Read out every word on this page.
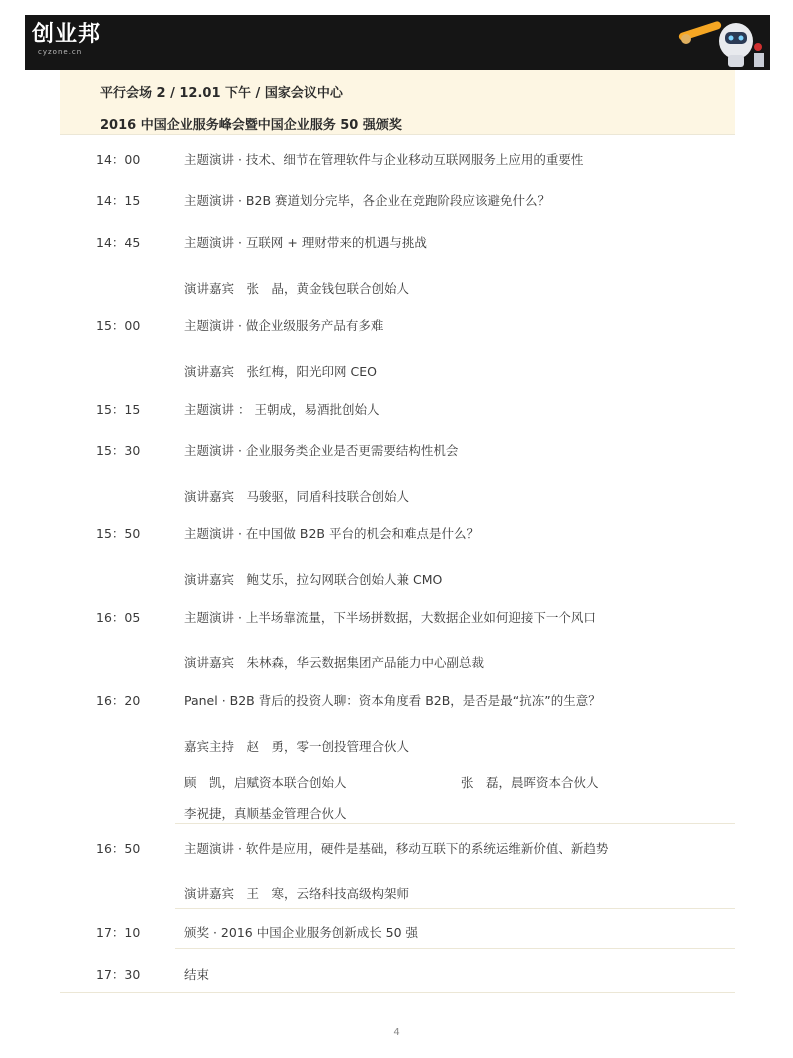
创业邦
cyzone.cn
平行会场 2 / 12.01 下午 / 国家会议中心
2016 中国企业服务峰会暨中国企业服务 50 强颁奖
14：00	主题演讲 · 技术、细节在管理软件与企业移动互联网服务上应用的重要性
14：15	主题演讲 · B2B 赛道划分完毕，各企业在竞跑阶段应该避免什么？
14：45	主题演讲 · 互联网 + 理财带来的机遇与挑战
演讲嘉宾　张　晶，黄金钱包联合创始人
15：00	主题演讲 · 做企业级服务产品有多难
演讲嘉宾　张红梅，阳光印网 CEO
15：15	主题演讲 ： 王朝成，易酒批创始人
15：30	主题演讲 · 企业服务类企业是否更需要结构性机会
演讲嘉宾　马骏驱，同盾科技联合创始人
15：50	主题演讲 · 在中国做 B2B 平台的机会和难点是什么？
演讲嘉宾　鲍艾乐，拉勾网联合创始人兼 CMO
16：05	主题演讲 · 上半场靠流量，下半场拼数据，大数据企业如何迎接下一个风口
演讲嘉宾　朱林森，华云数据集团产品能力中心副总裁
16：20	Panel · B2B 背后的投资人聊：资本角度看 B2B，是否是最“抗冻”的生意？
嘉宾主持　赵　勇，零一创投管理合伙人
顾　凯，启赋资本联合创始人	张　磊，晨晖资本合伙人
李祝捷，真顺基金管理合伙人
16：50	主题演讲 · 软件是应用，硬件是基础，移动互联下的系统运维新价值、新趋势
演讲嘉宾　王　寒，云络科技高级构架师
17：10	颁奖 · 2016 中国企业服务创新成长 50 强
17：30	结束
4
